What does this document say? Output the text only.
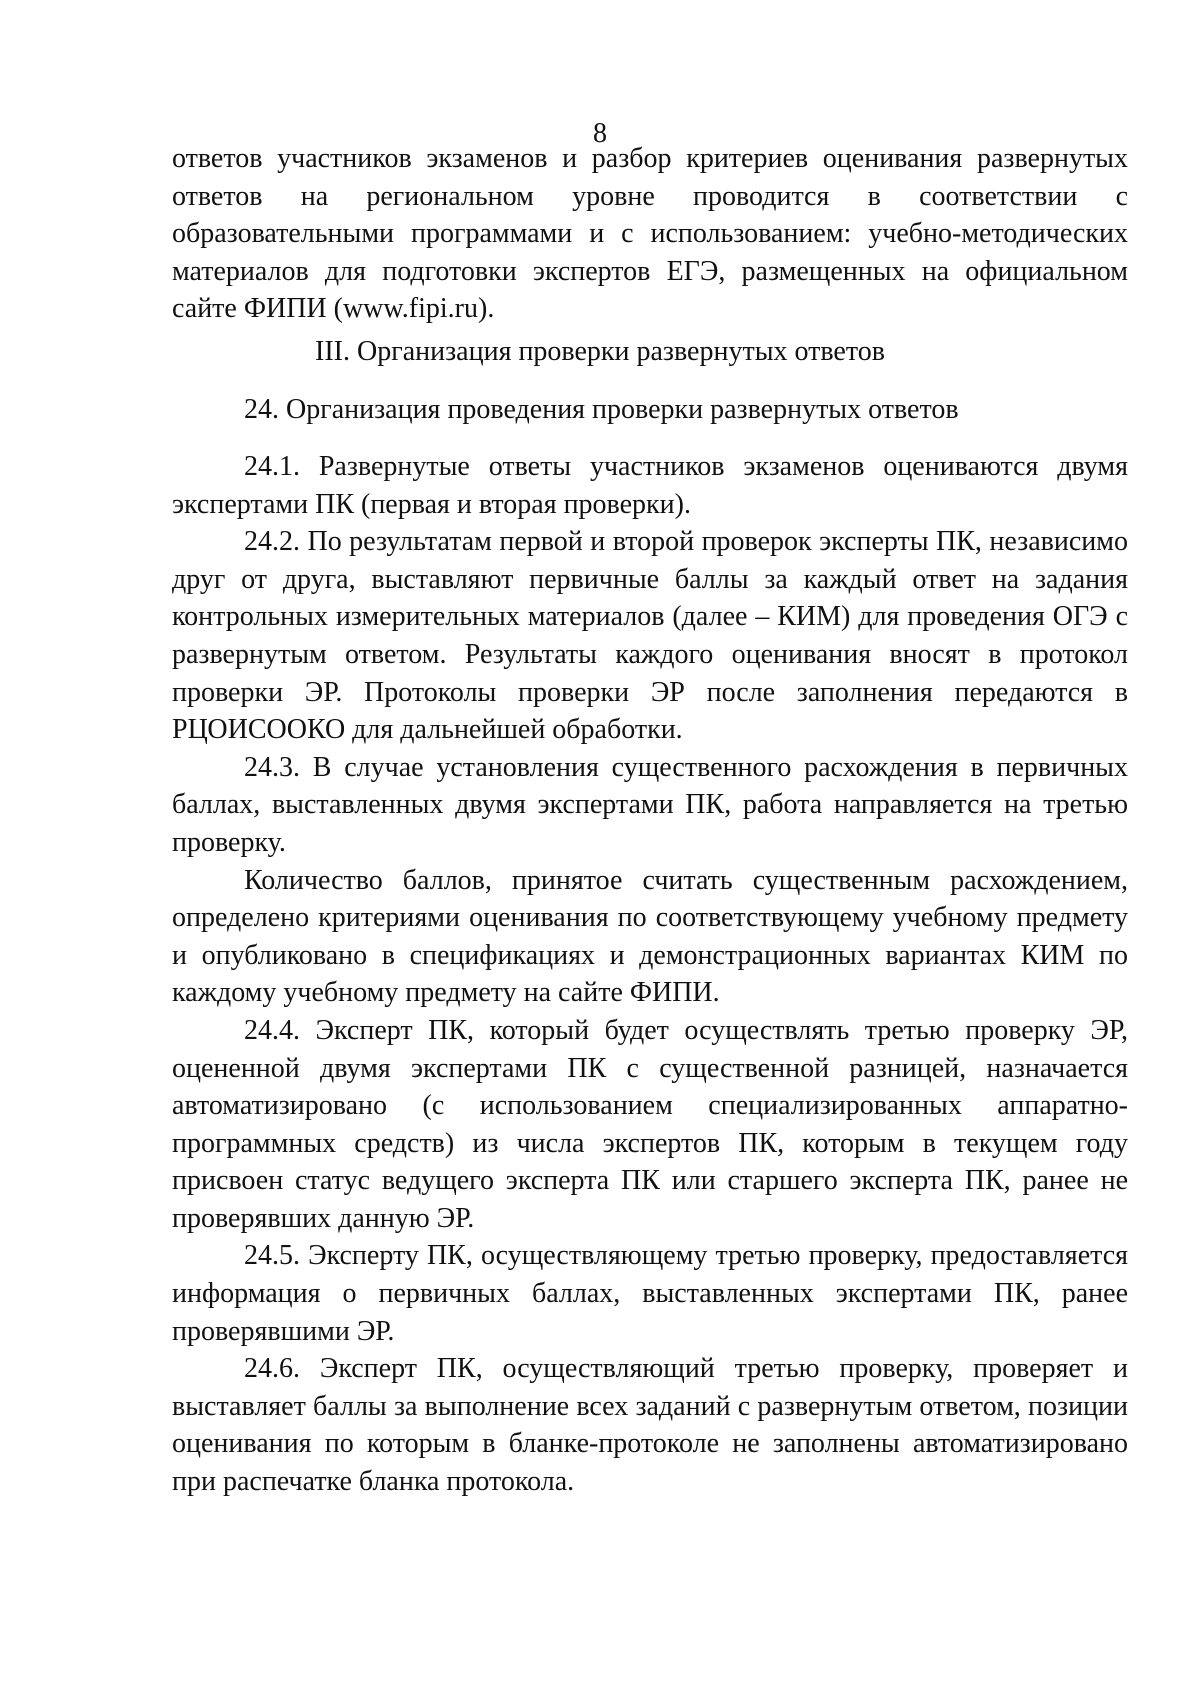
8

ответов участников экзаменов и разбор критериев оценивания развернутых ответов на региональном уровне проводится в соответствии с образовательными программами и с использованием: учебно-методических материалов для подготовки экспертов ЕГЭ, размещенных на официальном сайте ФИПИ (www.fipi.ru).

III. Организация проверки развернутых ответов
24. Организация проведения проверки развернутых ответов

24.1. Развернутые ответы участников экзаменов оцениваются двумя экспертами ПК (первая и вторая проверки).

24.2. По результатам первой и второй проверок эксперты ПК, независимо друг от друга, выставляют первичные баллы за каждый ответ на задания контрольных измерительных материалов (далее – КИМ) для проведения ОГЭ с развернутым ответом. Результаты каждого оценивания вносят в протокол проверки ЭР. Протоколы проверки ЭР после заполнения передаются в РЦОИСООКО для дальнейшей обработки.

24.3. В случае установления существенного расхождения в первичных баллах, выставленных двумя экспертами ПК, работа направляется на третью проверку.

Количество баллов, принятое считать существенным расхождением, определено критериями оценивания по соответствующему учебному предмету и опубликовано в спецификациях и демонстрационных вариантах КИМ по каждому учебному предмету на сайте ФИПИ.

24.4. Эксперт ПК, который будет осуществлять третью проверку ЭР, оцененной двумя экспертами ПК с существенной разницей, назначается автоматизировано (с использованием специализированных аппаратно-программных средств) из числа экспертов ПК, которым в текущем году присвоен статус ведущего эксперта ПК или старшего эксперта ПК, ранее не проверявших данную ЭР.

24.5. Эксперту ПК, осуществляющему третью проверку, предоставляется информация о первичных баллах, выставленных экспертами ПК, ранее проверявшими ЭР.

24.6. Эксперт ПК, осуществляющий третью проверку, проверяет и выставляет баллы за выполнение всех заданий с развернутым ответом, позиции оценивания по которым в бланке-протоколе не заполнены автоматизировано при распечатке бланка протокола.
